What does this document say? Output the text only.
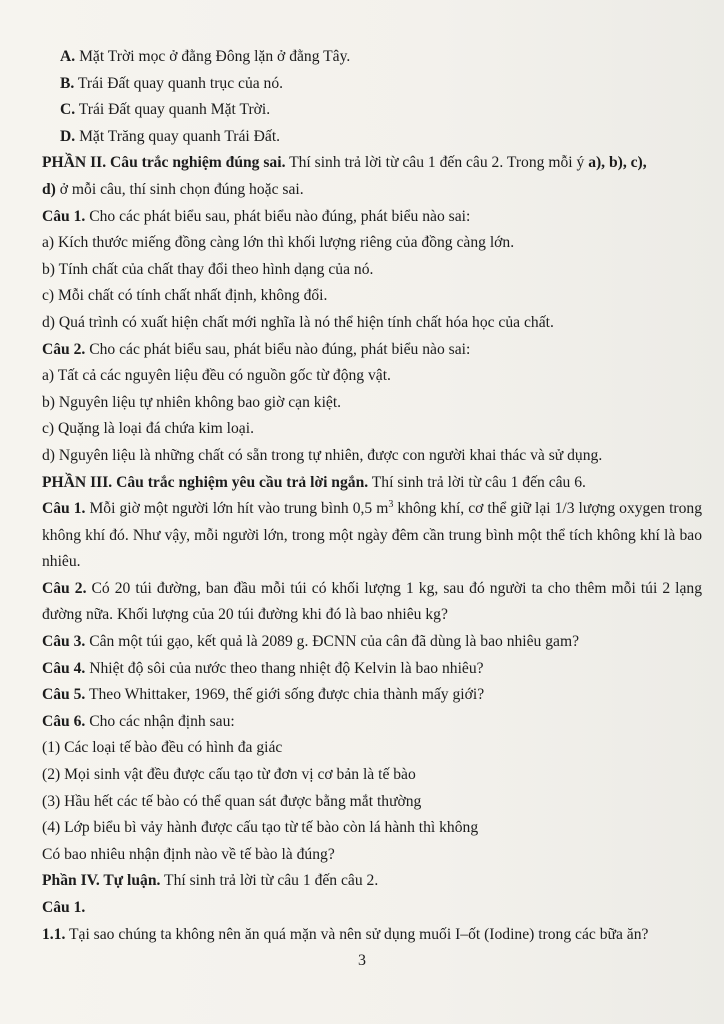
A. Mặt Trời mọc ở đằng Đông lặn ở đằng Tây.
B. Trái Đất quay quanh trục của nó.
C. Trái Đất quay quanh Mặt Trời.
D. Mặt Trăng quay quanh Trái Đất.
PHẦN II. Câu trắc nghiệm đúng sai. Thí sinh trả lời từ câu 1 đến câu 2. Trong mỗi ý a), b), c),
d) ở mỗi câu, thí sinh chọn đúng hoặc sai.
Câu 1. Cho các phát biểu sau, phát biểu nào đúng, phát biểu nào sai:
a) Kích thước miếng đồng càng lớn thì khối lượng riêng của đồng càng lớn.
b) Tính chất của chất thay đổi theo hình dạng của nó.
c) Mỗi chất có tính chất nhất định, không đổi.
d) Quá trình có xuất hiện chất mới nghĩa là nó thể hiện tính chất hóa học của chất.
Câu 2. Cho các phát biểu sau, phát biểu nào đúng, phát biểu nào sai:
a) Tất cả các nguyên liệu đều có nguồn gốc từ động vật.
b) Nguyên liệu tự nhiên không bao giờ cạn kiệt.
c) Quặng là loại đá chứa kim loại.
d) Nguyên liệu là những chất có sẵn trong tự nhiên, được con người khai thác và sử dụng.
PHẦN III. Câu trắc nghiệm yêu cầu trả lời ngắn. Thí sinh trả lời từ câu 1 đến câu 6.
Câu 1. Mỗi giờ một người lớn hít vào trung bình 0,5 $m^3$ không khí, cơ thể giữ lại 1/3 lượng oxygen trong không khí đó. Như vậy, mỗi người lớn, trong một ngày đêm cần trung bình một thể tích không khí là bao nhiêu.
Câu 2. Có 20 túi đường, ban đầu mỗi túi có khối lượng 1 kg, sau đó người ta cho thêm mỗi túi 2 lạng đường nữa. Khối lượng của 20 túi đường khi đó là bao nhiêu kg?
Câu 3. Cân một túi gạo, kết quả là 2089 g. ĐCNN của cân đã dùng là bao nhiêu gam?
Câu 4. Nhiệt độ sôi của nước theo thang nhiệt độ Kelvin là bao nhiêu?
Câu 5. Theo Whittaker, 1969, thế giới sống được chia thành mấy giới?
Câu 6. Cho các nhận định sau:
(1) Các loại tế bào đều có hình đa giác
(2) Mọi sinh vật đều được cấu tạo từ đơn vị cơ bản là tế bào
(3) Hầu hết các tế bào có thể quan sát được bằng mắt thường
(4) Lớp biểu bì vảy hành được cấu tạo từ tế bào còn lá hành thì không
Có bao nhiêu nhận định nào về tế bào là đúng?
Phần IV. Tự luận. Thí sinh trả lời từ câu 1 đến câu 2.
Câu 1.
1.1. Tại sao chúng ta không nên ăn quá mặn và nên sử dụng muối I–ốt (Iodine) trong các bữa ăn?
3
